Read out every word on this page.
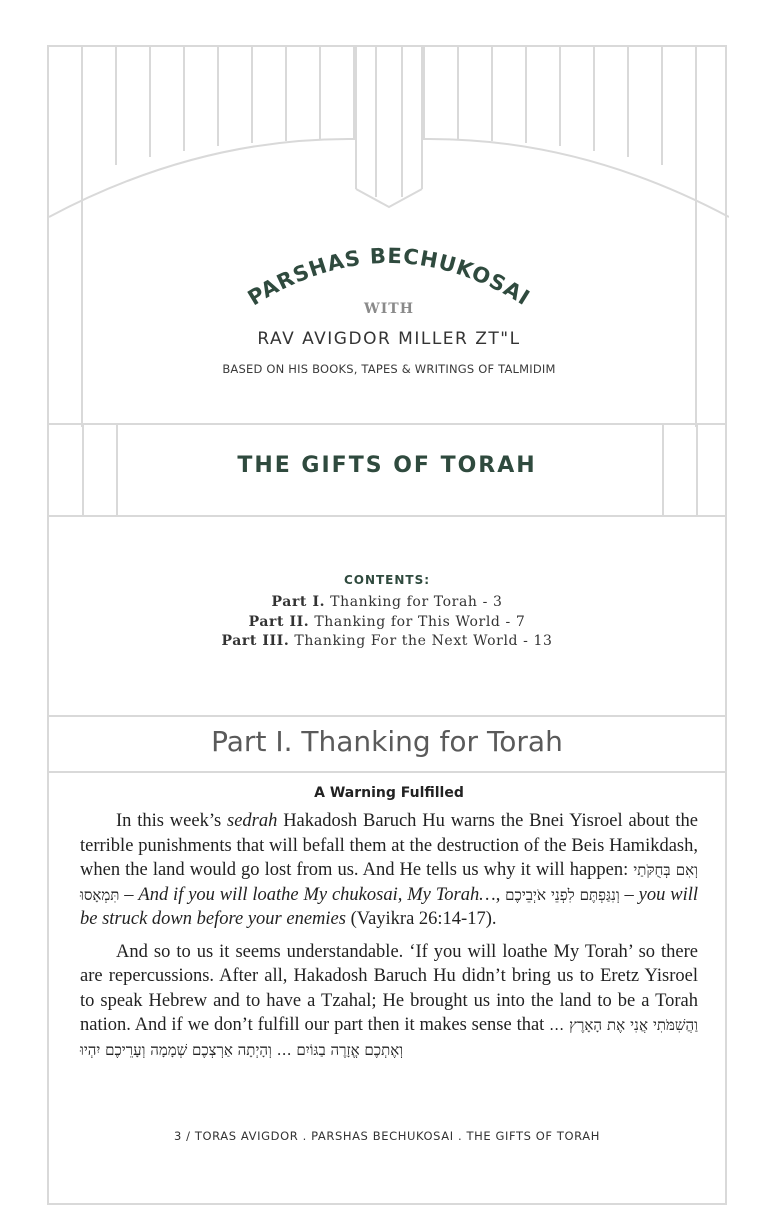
PARSHAS BECHUKOSAI
WITH
RAV AVIGDOR MILLER ZT"L
BASED ON HIS BOOKS, TAPES & WRITINGS OF TALMIDIM
THE GIFTS OF TORAH
CONTENTS:
Part I. Thanking for Torah - 3
Part II. Thanking for This World - 7
Part III. Thanking For the Next World - 13
Part I. Thanking for Torah
A Warning Fulfilled

In this week’s sedrah Hakadosh Baruch Hu warns the Bnei Yisroel about the terrible punishments that will befall them at the destruction of the Beis Hamikdash, when the land would go lost from us. And He tells us why it will happen: וְאִם בְּחֻקֹּתַי תִּמְאָסוּ – And if you will loathe My chukosai, My Torah…, וְנִגַּפְתֶּם לִפְנֵי אֹיְבֵיכֶם – you will be struck down before your enemies (Vayikra 26:14-17).

And so to us it seems understandable. ‘If you will loathe My Torah’ so there are repercussions. After all, Hakadosh Baruch Hu didn’t bring us to Eretz Yisroel to speak Hebrew and to have a Tzahal; He brought us into the land to be a Torah nation. And if we don’t fulfill our part then it makes sense that וַהֲשִׁמֹּתִי אֲנִי אֶת הָאָרֶץ … וְאֶתְכֶם אֱזָרֶה בַגּוֹיִם … וְהָיְתָה אַרְצְכֶם שְׁמָמָה וְעָרֵיכֶם יִהְיוּ

3 / TORAS AVIGDOR . PARSHAS BECHUKOSAI . THE GIFTS OF TORAH
